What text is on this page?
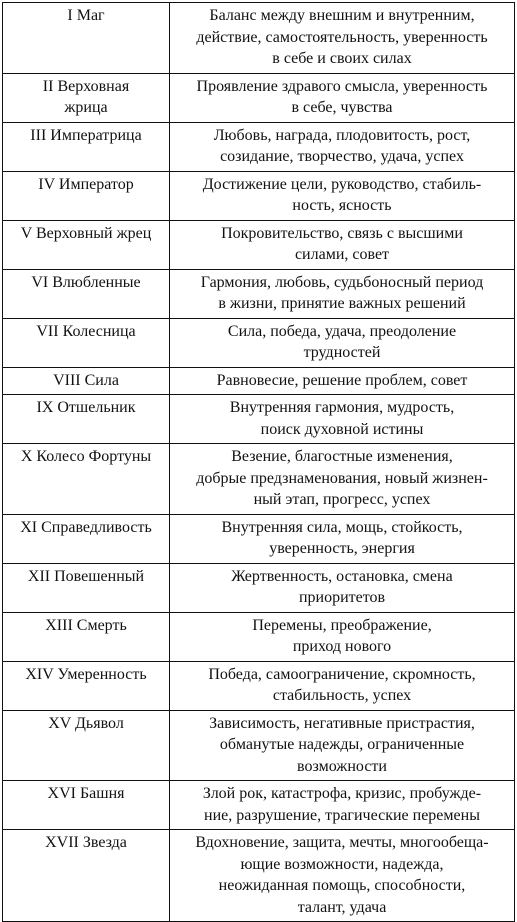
I Маг	Баланс между внешним и внутренним,
действие, самостоятельность, уверенность
в себе и своих силах

II Верховная
жрица	Проявление здравого смысла, уверенность
в себе, чувства

III Императрица	Любовь, награда, плодовитость, рост,
созидание, творчество, удача, успех

IV Император	Достижение цели, руководство, стабиль-
ность, ясность

V Верховный жрец	Покровительство, связь с высшими
силами, совет

VI Влюбленные	Гармония, любовь, судьбоносный период
в жизни, принятие важных решений

VII Колесница	Сила, победа, удача, преодоление
трудностей

VIII Сила	Равновесие, решение проблем, совет

IX Отшельник	Внутренняя гармония, мудрость,
поиск духовной истины

X Колесо Фортуны	Везение, благостные изменения,
добрые предзнаменования, новый жизнен-
ный этап, прогресс, успех

XI Справедливость	Внутренняя сила, мощь, стойкость,
уверенность, энергия

XII Повешенный	Жертвенность, остановка, смена
приоритетов

XIII Смерть	Перемены, преображение,
приход нового

XIV Умеренность	Победа, самоограничение, скромность,
стабильность, успех

XV Дьявол	Зависимость, негативные пристрастия,
обманутые надежды, ограниченные
возможности

XVI Башня	Злой рок, катастрофа, кризис, пробужде-
ние, разрушение, трагические перемены

XVII Звезда	Вдохновение, защита, мечты, многообеща-
ющие возможности, надежда,
неожиданная помощь, способности,
талант, удача
